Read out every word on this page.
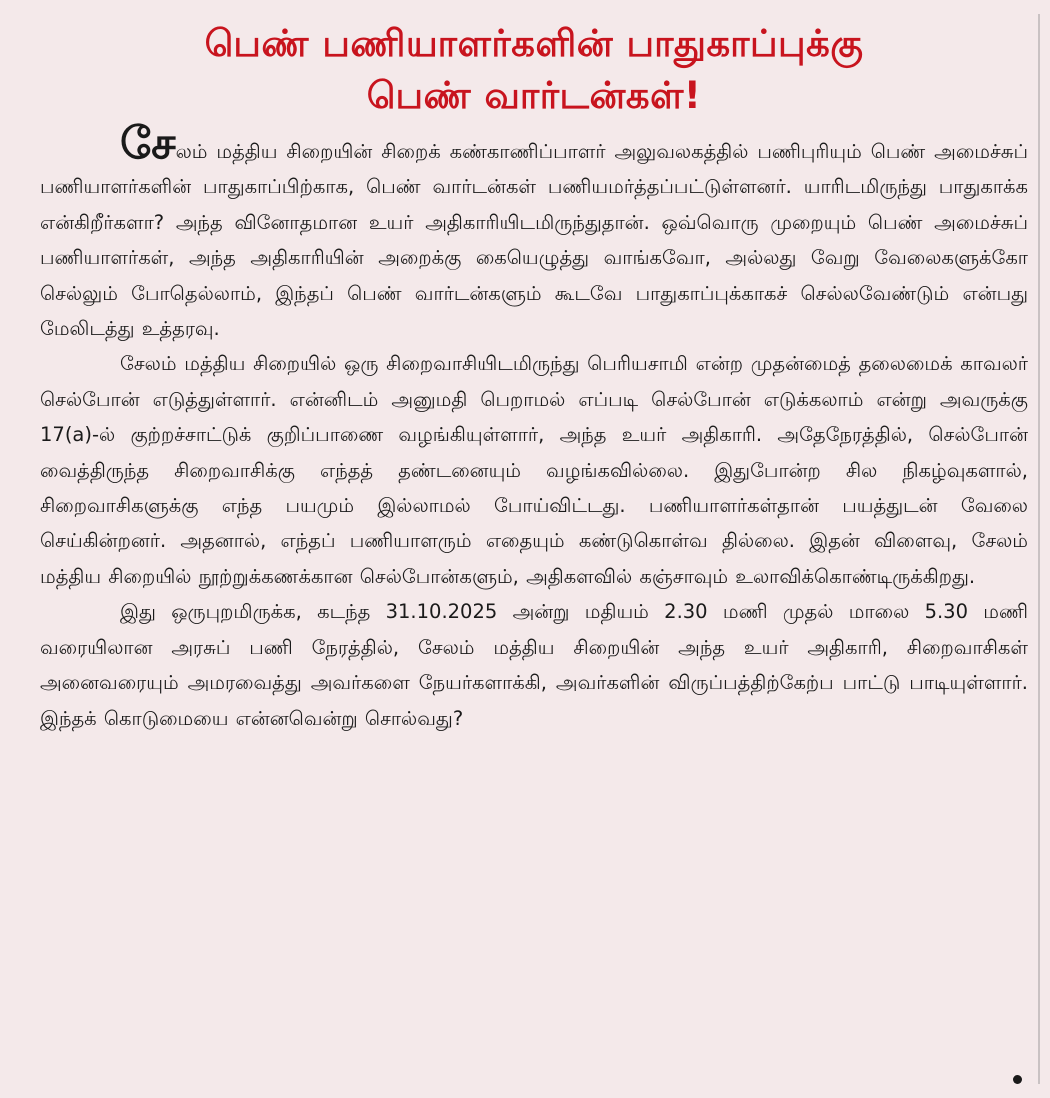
பெண் பணியாளர்களின் பாதுகாப்புக்கு
பெண் வார்டன்கள்!

சேலம் மத்திய சிறையின் சிறைக் கண்காணிப்பாளர் அலுவலகத்தில் பணிபுரியும் பெண் அமைச்சுப் பணியாளர்களின் பாதுகாப்பிற்காக, பெண் வார்டன்கள் பணியமர்த்தப்பட்டுள்ளனர். யாரிடமிருந்து பாதுகாக்க என்கிறீர்களா? அந்த வினோதமான உயர் அதிகாரியிடமிருந்துதான். ஒவ்வொரு முறையும் பெண் அமைச்சுப் பணியாளர்கள், அந்த அதிகாரியின் அறைக்கு கையெழுத்து வாங்கவோ, அல்லது வேறு வேலைகளுக்கோ செல்லும் போதெல்லாம், இந்தப் பெண் வார்டன்களும் கூடவே பாதுகாப்புக்காகச் செல்லவேண்டும் என்பது மேலிடத்து உத்தரவு.

சேலம் மத்திய சிறையில் ஒரு சிறைவாசியிடமிருந்து பெரியசாமி என்ற முதன்மைத் தலைமைக் காவலர் செல்போன் எடுத்துள்ளார். என்னிடம் அனுமதி பெறாமல் எப்படி செல்போன் எடுக்கலாம் என்று அவருக்கு 17(a)-ல் குற்றச்சாட்டுக் குறிப்பாணை வழங்கியுள்ளார், அந்த உயர் அதிகாரி. அதேநேரத்தில், செல்போன் வைத்திருந்த சிறைவாசிக்கு எந்தத் தண்டனையும் வழங்கவில்லை. இதுபோன்ற சில நிகழ்வுகளால், சிறைவாசிகளுக்கு எந்த பயமும் இல்லாமல் போய்விட்டது. பணியாளர்கள்தான் பயத்துடன் வேலை செய்கின்றனர். அதனால், எந்தப் பணியாளரும் எதையும் கண்டுகொள்வ தில்லை. இதன் விளைவு, சேலம் மத்திய சிறையில் நூற்றுக்கணக்கான செல்போன்களும், அதிகளவில் கஞ்சாவும் உலாவிக்கொண்டிருக்கிறது.

இது ஒருபுறமிருக்க, கடந்த 31.10.2025 அன்று மதியம் 2.30 மணி முதல் மாலை 5.30 மணி வரையிலான அரசுப் பணி நேரத்தில், சேலம் மத்திய சிறையின் அந்த உயர் அதிகாரி, சிறைவாசிகள் அனைவரையும் அமரவைத்து அவர்களை நேயர்களாக்கி, அவர்களின் விருப்பத்திற்கேற்ப பாட்டு பாடியுள்ளார். இந்தக் கொடுமையை என்னவென்று சொல்வது?
